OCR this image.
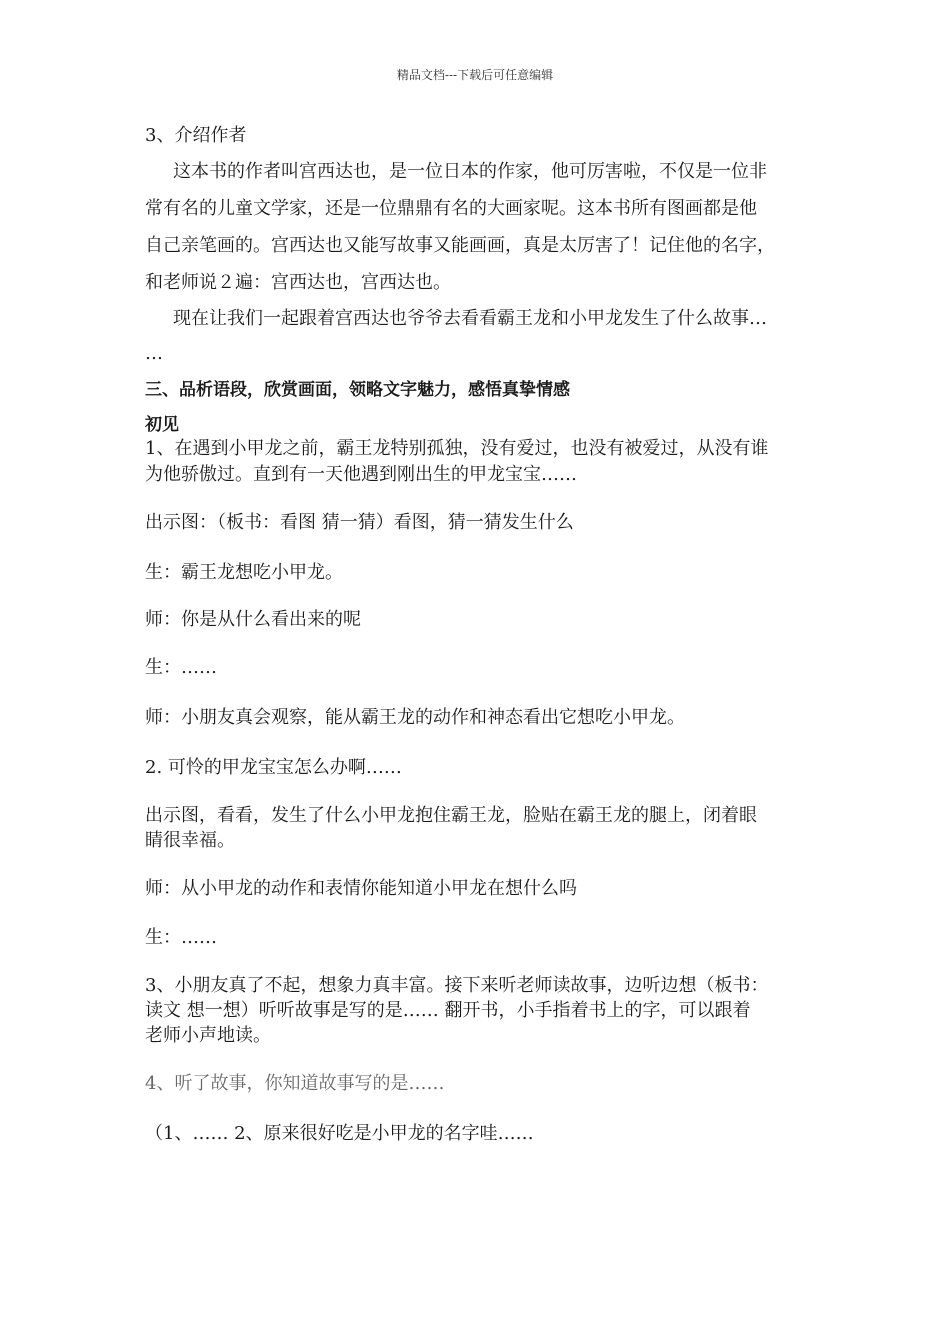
精品文档---下载后可任意编辑
3、介绍作者
这本书的作者叫宫西达也，是一位日本的作家，他可厉害啦，不仅是一位非
常有名的儿童文学家，还是一位鼎鼎有名的大画家呢。这本书所有图画都是他
自己亲笔画的。宫西达也又能写故事又能画画，真是太厉害了！记住他的名字，
和老师说２遍：宫西达也，宫西达也。
现在让我们一起跟着宫西达也爷爷去看看霸王龙和小甲龙发生了什么故事…
…
三、品析语段，欣赏画面，领略文字魅力，感悟真挚情感
初见
1、在遇到小甲龙之前，霸王龙特别孤独，没有爱过，也没有被爱过，从没有谁
为他骄傲过。直到有一天他遇到刚出生的甲龙宝宝……
出示图：（板书：看图 猜一猜）看图，猜一猜发生什么
生：霸王龙想吃小甲龙。
师：你是从什么看出来的呢
生：……
师：小朋友真会观察，能从霸王龙的动作和神态看出它想吃小甲龙。
2. 可怜的甲龙宝宝怎么办啊……
出示图，看看，发生了什么小甲龙抱住霸王龙，脸贴在霸王龙的腿上，闭着眼
睛很幸福。
师：从小甲龙的动作和表情你能知道小甲龙在想什么吗
生：……
3、小朋友真了不起，想象力真丰富。接下来听老师读故事，边听边想（板书：
读文 想一想）听听故事是写的是…… 翻开书，小手指着书上的字，可以跟着
老师小声地读。
4、听了故事，你知道故事写的是……
（1、…… 2、原来很好吃是小甲龙的名字哇……
